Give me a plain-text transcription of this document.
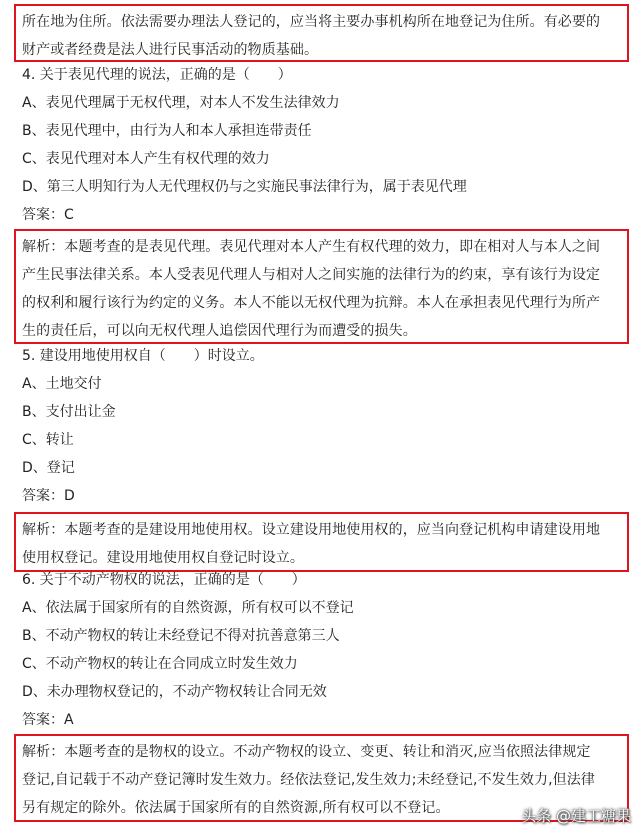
所在地为住所。依法需要办理法人登记的，应当将主要办事机构所在地登记为住所。有必要的
财产或者经费是法人进行民事活动的物质基础。
4. 关于表见代理的说法，正确的是（　　）
A、表见代理属于无权代理，对本人不发生法律效力
B、表见代理中，由行为人和本人承担连带责任
C、表见代理对本人产生有权代理的效力
D、第三人明知行为人无代理权仍与之实施民事法律行为，属于表见代理
答案：C
解析：本题考查的是表见代理。表见代理对本人产生有权代理的效力，即在相对人与本人之间
产生民事法律关系。本人受表见代理人与相对人之间实施的法律行为的约束，享有该行为设定
的权利和履行该行为约定的义务。本人不能以无权代理为抗辩。本人在承担表见代理行为所产
生的责任后，可以向无权代理人追偿因代理行为而遭受的损失。
5. 建设用地使用权自（　　）时设立。
A、土地交付
B、支付出让金
C、转让
D、登记
答案：D
解析：本题考查的是建设用地使用权。设立建设用地使用权的，应当向登记机构申请建设用地
使用权登记。建设用地使用权自登记时设立。
6. 关于不动产物权的说法，正确的是（　　）
A、依法属于国家所有的自然资源，所有权可以不登记
B、不动产物权的转让未经登记不得对抗善意第三人
C、不动产物权的转让在合同成立时发生效力
D、未办理物权登记的，不动产物权转让合同无效
答案：A
解析：本题考查的是物权的设立。不动产物权的设立、变更、转让和消灭,应当依照法律规定
登记,自记载于不动产登记簿时发生效力。经依法登记,发生效力;未经登记,不发生效力,但法律
另有规定的除外。依法属于国家所有的自然资源,所有权可以不登记。	头条 @建工糖果
